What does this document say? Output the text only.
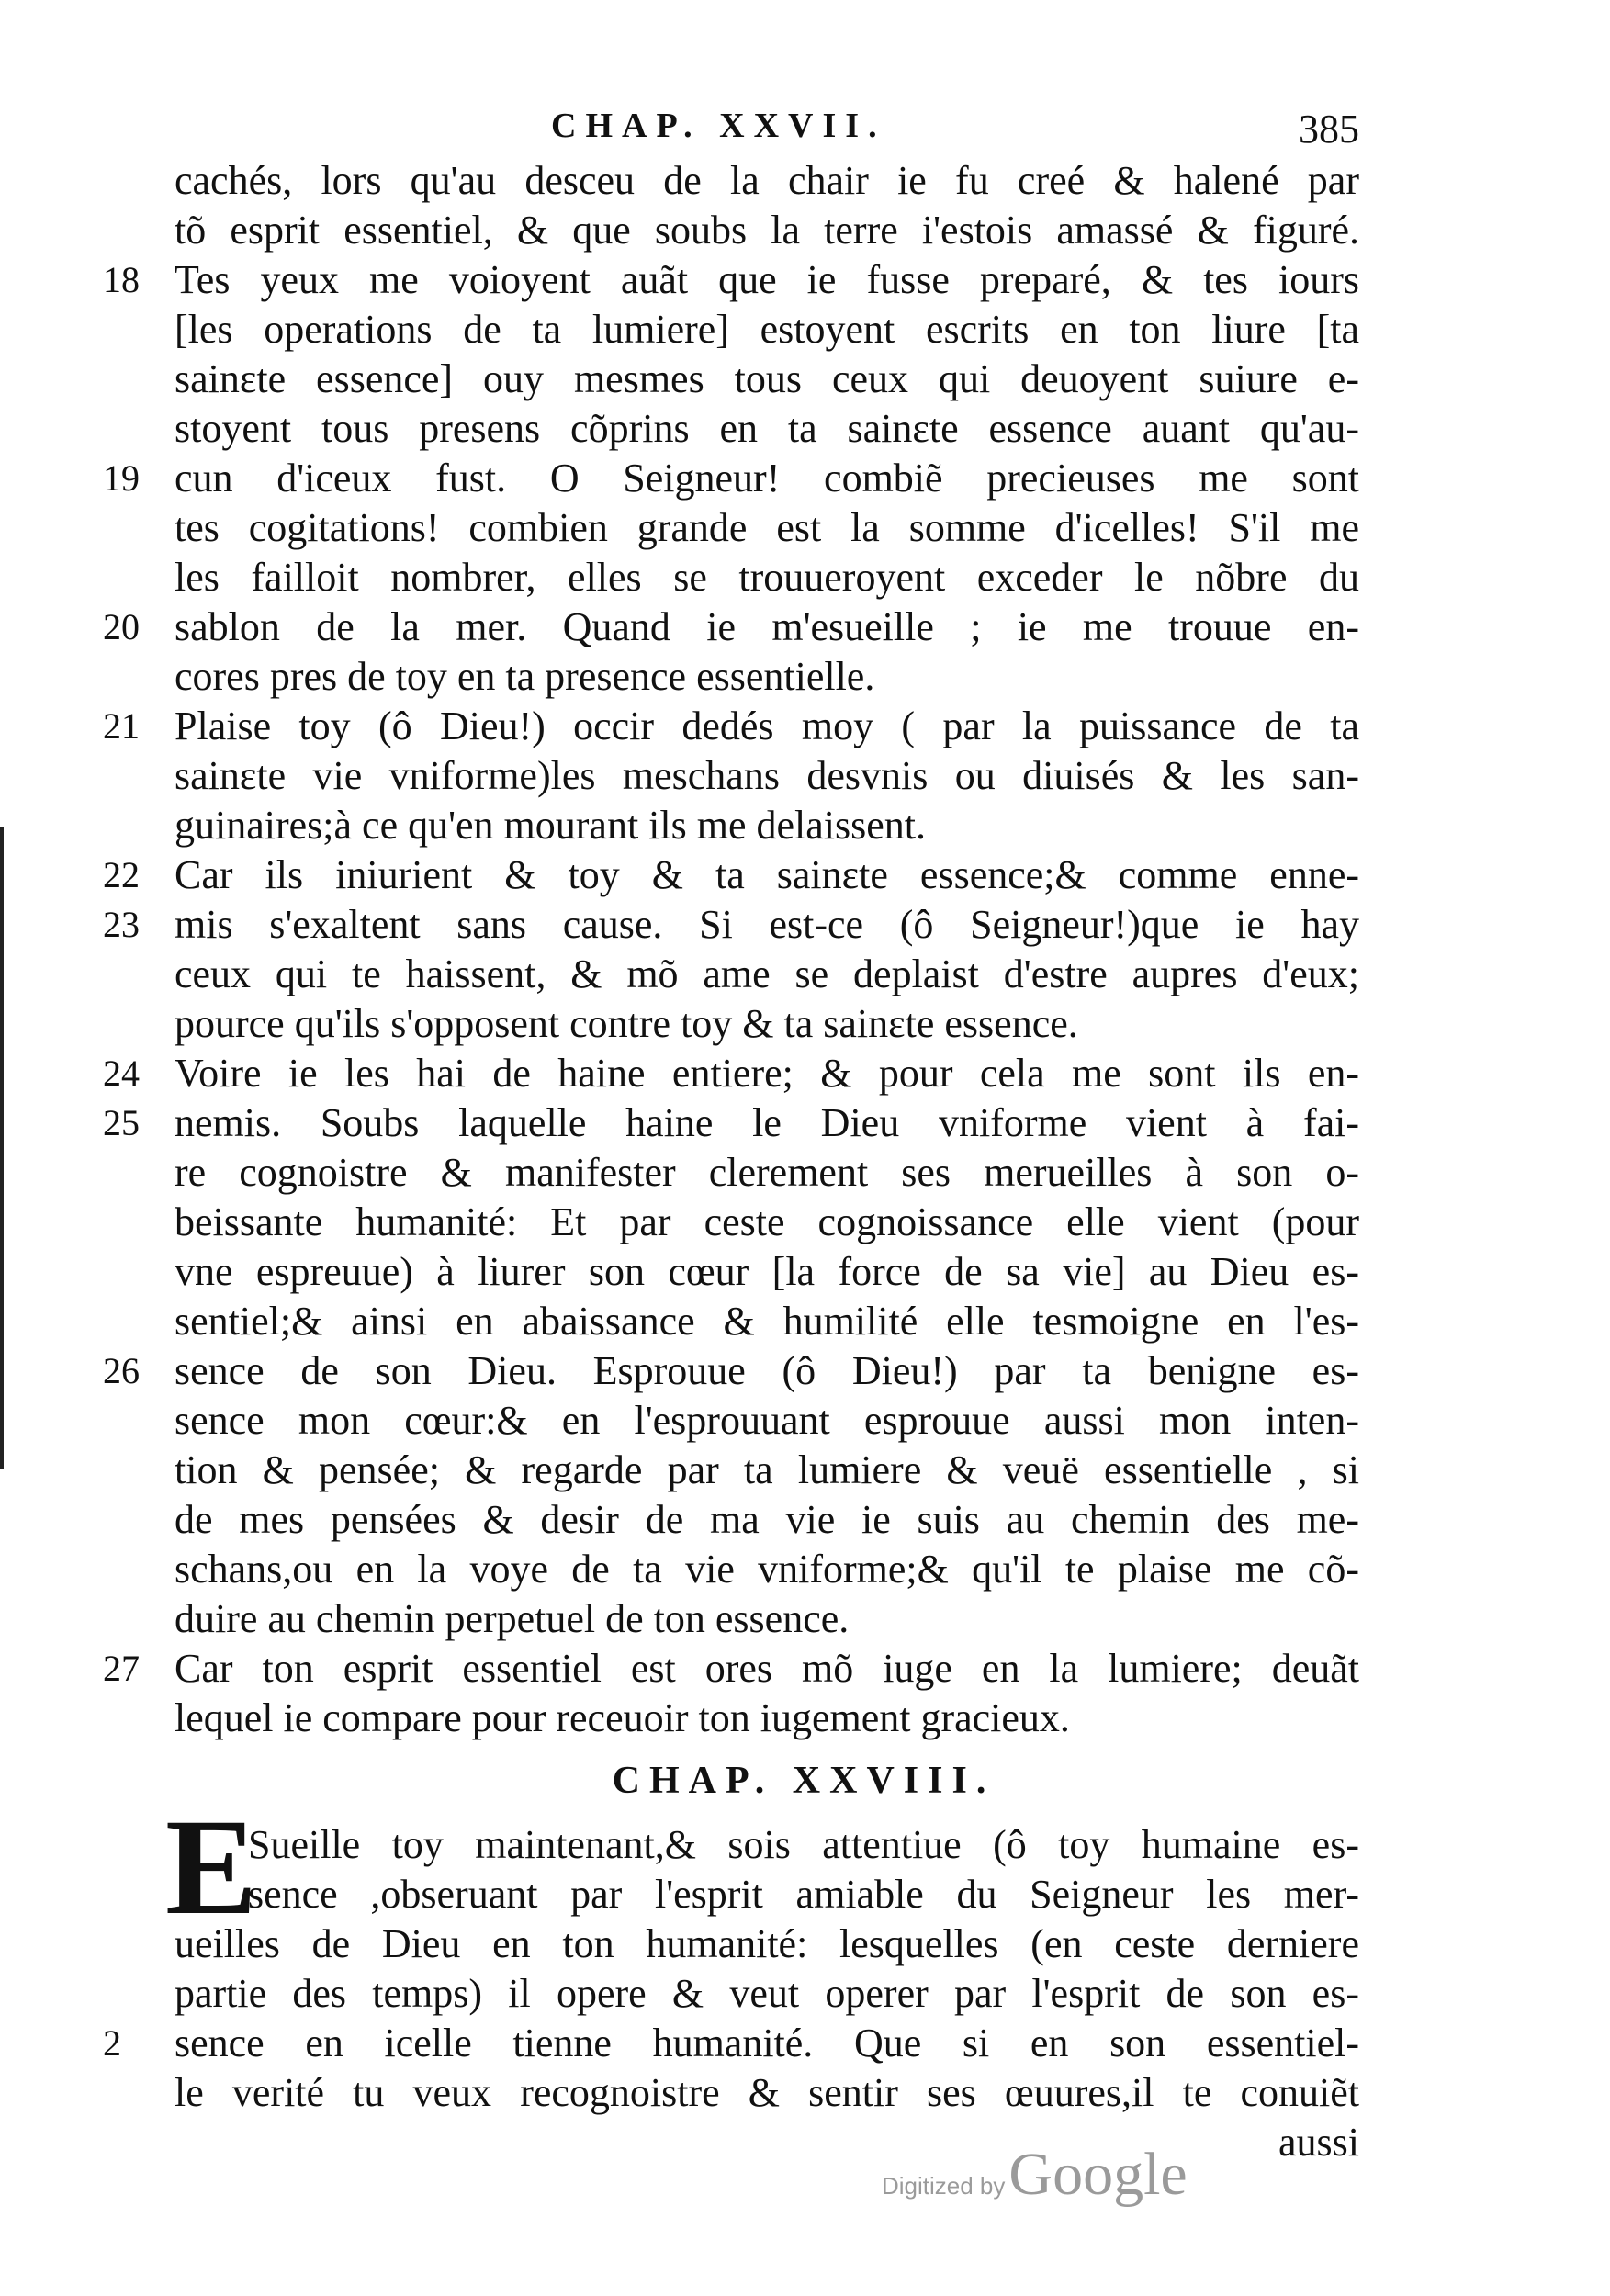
CHAP. XXVII.	385
cachés, lors qu'au descеu de la chair ie fu creé & halené par
tõ esprit essentiel, & que soubs la terre i'estois amassé & figuré.
Tes yeux me voioyent auãt que ie fusse preparé, & tes iours
[les operations de ta lumiere] estoyent escrits en ton liure [ta
sainɛte essence] ouy mesmes tous ceux qui deuoyent suiure e-
stoyent tous presens cõprins en ta sainɛte essence auant qu'au-
cun d'iceux fust. O Seigneur! combiẽ precieuses me sont
tes cogitations! combien grande est la somme d'icelles! S'il me
les failloit nombrer, elles se trouueroyent exceder le nõbre du
sablon de la mer. Quand ie m'esueille ; ie me trouue en-
cores pres de toy en ta presence essentielle.
Plaise toy (ô Dieu!) occir dedés moy ( par la puissance de ta
sainɛte vie vniforme)les meschans desvnis ou diuisés & les san-
guinaires;à ce qu'en mourant ils me delaissent.
Car ils iniurient & toy & ta sainɛte essence;& comme enne-
mis s'exaltent sans cause. Si est-ce (ô Seigneur!)que ie hay
ceux qui te haissent, & mõ ame se deplaist d'estre aupres d'eux;
pource qu'ils s'opposent contre toy & ta sainɛte essence.
Voire ie les hai de haine entiere; & pour cela me sont ils en-
nemis. Soubs laquelle haine le Dieu vniforme vient à fai-
re cognoistre & manifester clerement ses merueilles à son o-
beissante humanité: Et par ceste cognoissance elle vient (pour
vne espreuue) à liurer son cœur [la force de sa vie] au Dieu es-
sentiel;& ainsi en abaissance & humilité elle tesmoigne en l'es-
sence de son Dieu. Esprouue (ô Dieu!) par ta benigne es-
sence mon cœur:& en l'esprouuant esprouue aussi mon inten-
tion & pensée; & regarde par ta lumiere & veuë essentielle , si
de mes pensées & desir de ma vie ie suis au chemin des me-
schans,ou en la voye de ta vie vniforme;& qu'il te plaise me cõ-
duire au chemin perpetuel de ton essence.
Car ton esprit essentiel est ores mõ iuge en la lumiere; deuãt
lequel ie compare pour receuoir ton iugement gracieux.
18
19
20
21
22
23
24
25
26
27
2
CHAP. XXVIII.
E
Sueille toy maintenant,& sois attentiue (ô toy humaine es-
sence ,obseruant par l'esprit amiable du Seigneur les mer-
ueilles de Dieu en ton humanité: lesquelles (en ceste derniere
partie des temps) il opere & veut operer par l'esprit de son es-
sence en icelle tienne humanité. Que si en son essentiel-
le verité tu veux recognoistre & sentir ses œuures,il te conuiẽt
aussi
Digitized by Google
